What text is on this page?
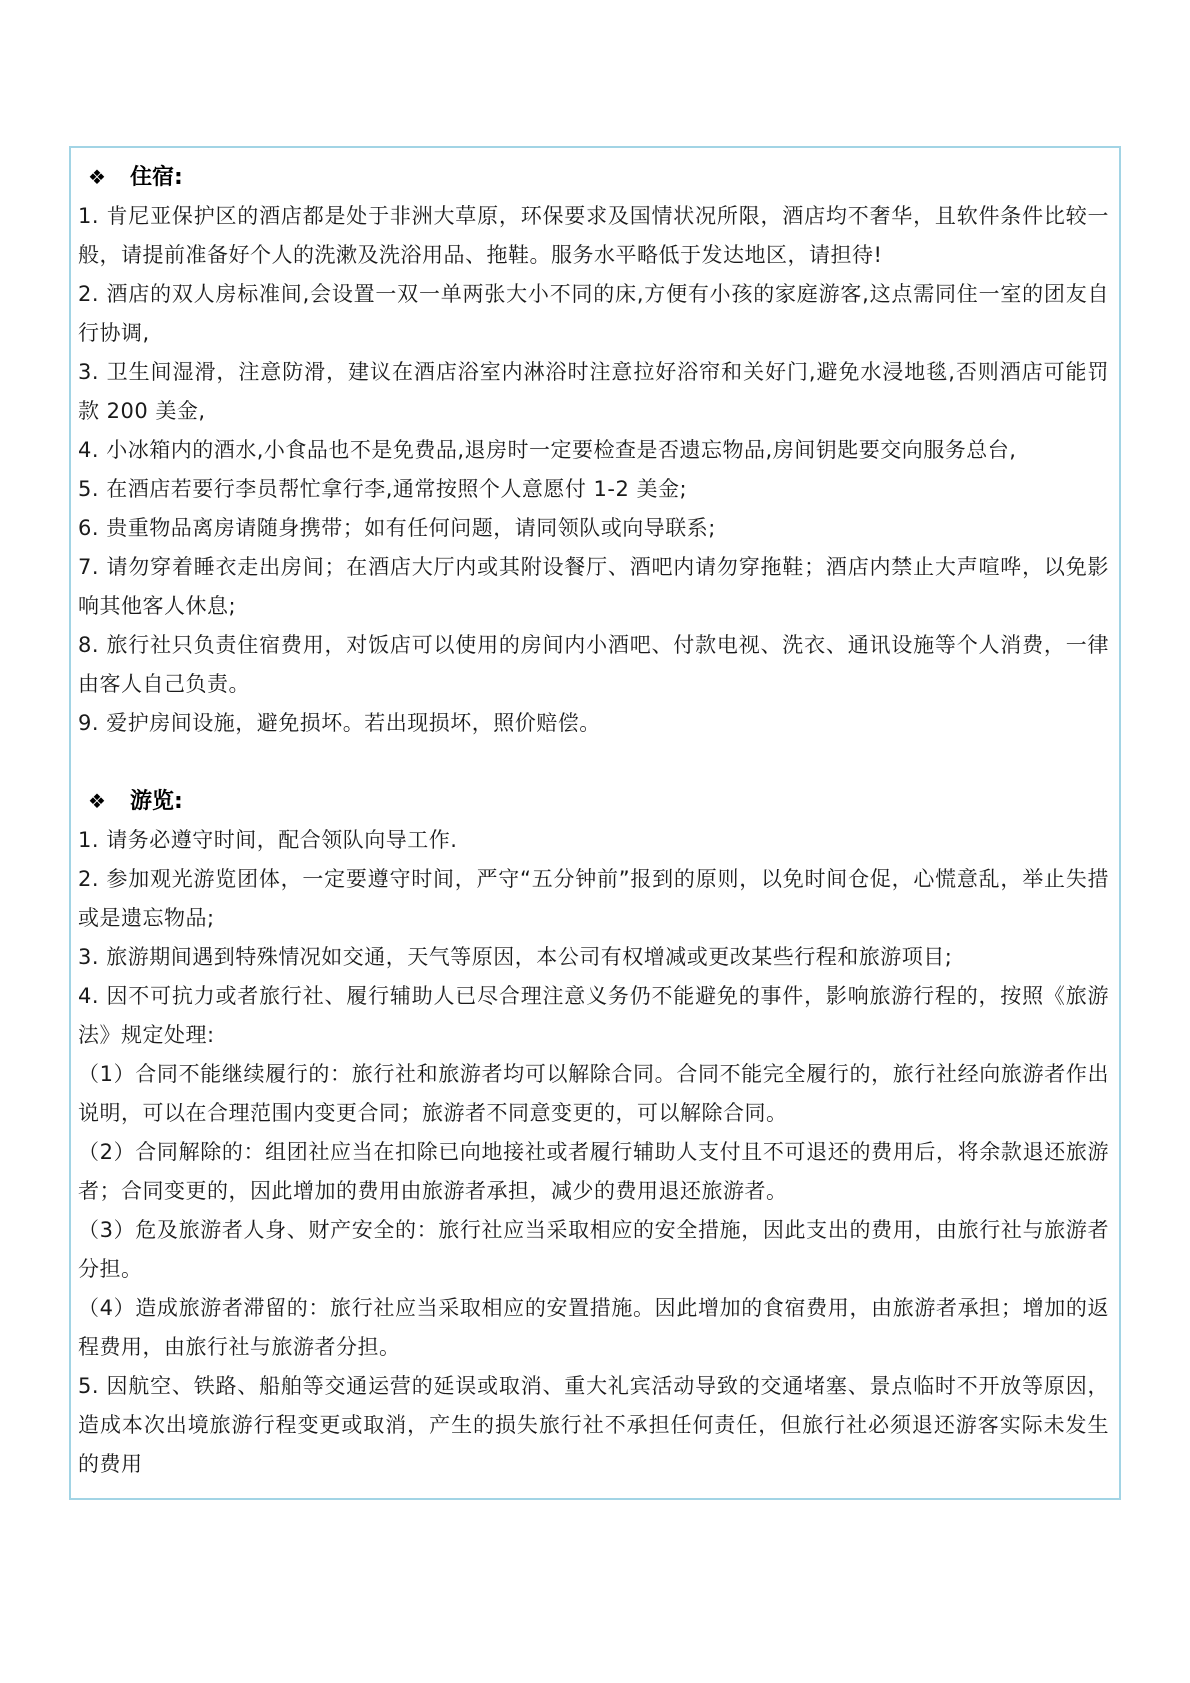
❖ 住宿:

1. 肯尼亚保护区的酒店都是处于非洲大草原，环保要求及国情状况所限，酒店均不奢华，且软件条件比较一般，请提前准备好个人的洗漱及洗浴用品、拖鞋。服务水平略低于发达地区，请担待!

2. 酒店的双人房标准间,会设置一双一单两张大小不同的床,方便有小孩的家庭游客,这点需同住一室的团友自行协调,

3. 卫生间湿滑，注意防滑，建议在酒店浴室内淋浴时注意拉好浴帘和关好门,避免水浸地毯,否则酒店可能罚款 200 美金,

4. 小冰箱内的酒水,小食品也不是免费品,退房时一定要检查是否遗忘物品,房间钥匙要交向服务总台,

5. 在酒店若要行李员帮忙拿行李,通常按照个人意愿付 1-2 美金;

6. 贵重物品离房请随身携带；如有任何问题，请同领队或向导联系;

7. 请勿穿着睡衣走出房间；在酒店大厅内或其附设餐厅、酒吧内请勿穿拖鞋；酒店内禁止大声喧哗，以免影响其他客人休息;

8. 旅行社只负责住宿费用，对饭店可以使用的房间内小酒吧、付款电视、洗衣、通讯设施等个人消费，一律由客人自己负责。

9. 爱护房间设施，避免损坏。若出现损坏，照价赔偿。

❖ 游览:

1. 请务必遵守时间，配合领队向导工作.

2. 参加观光游览团体，一定要遵守时间，严守“五分钟前”报到的原则，以免时间仓促，心慌意乱，举止失措或是遗忘物品;

3. 旅游期间遇到特殊情况如交通，天气等原因，本公司有权增减或更改某些行程和旅游项目;

4. 因不可抗力或者旅行社、履行辅助人已尽合理注意义务仍不能避免的事件，影响旅游行程的，按照《旅游法》规定处理:

（1）合同不能继续履行的：旅行社和旅游者均可以解除合同。合同不能完全履行的，旅行社经向旅游者作出说明，可以在合理范围内变更合同；旅游者不同意变更的，可以解除合同。

（2）合同解除的：组团社应当在扣除已向地接社或者履行辅助人支付且不可退还的费用后，将余款退还旅游者；合同变更的，因此增加的费用由旅游者承担，减少的费用退还旅游者。

（3）危及旅游者人身、财产安全的：旅行社应当采取相应的安全措施，因此支出的费用，由旅行社与旅游者分担。

（4）造成旅游者滞留的：旅行社应当采取相应的安置措施。因此增加的食宿费用，由旅游者承担；增加的返程费用，由旅行社与旅游者分担。

5. 因航空、铁路、船舶等交通运营的延误或取消、重大礼宾活动导致的交通堵塞、景点临时不开放等原因，造成本次出境旅游行程变更或取消，产生的损失旅行社不承担任何责任，但旅行社必须退还游客实际未发生的费用
